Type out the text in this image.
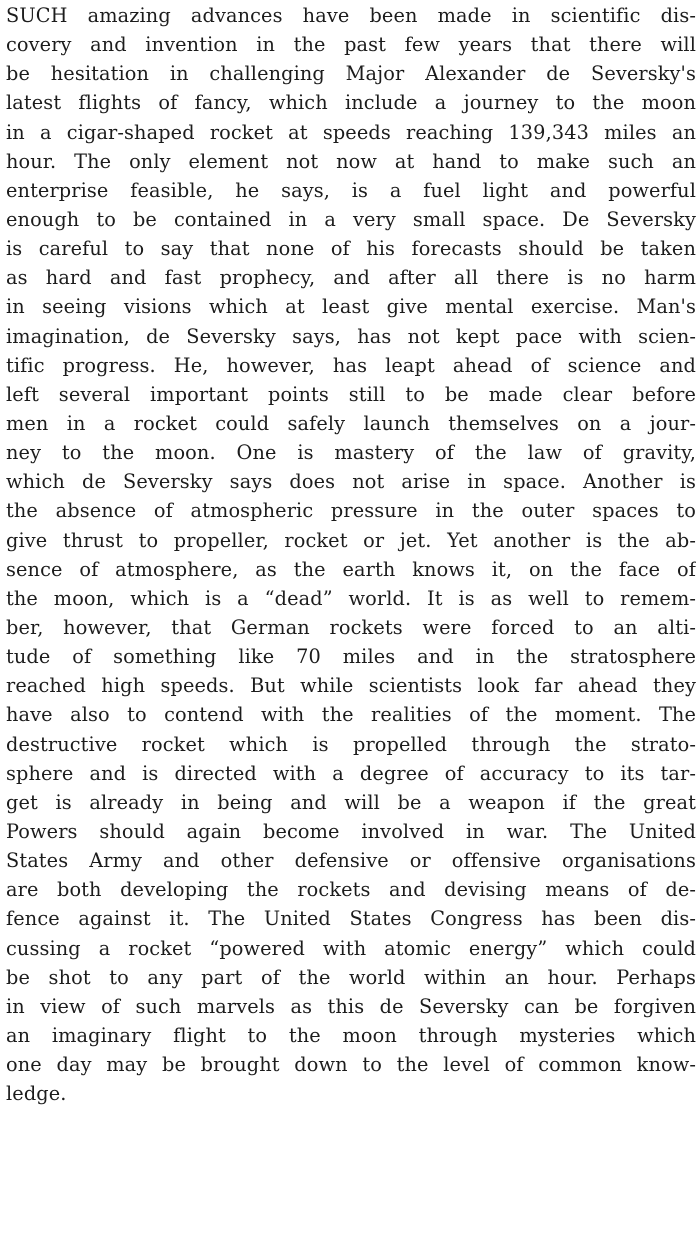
SUCH amazing advances have been made in scientific dis-
covery and invention in the past few years that there will
be hesitation in challenging Major Alexander de Seversky's
latest flights of fancy, which include a journey to the moon
in a cigar-shaped rocket at speeds reaching 139,343 miles an
hour. The only element not now at hand to make such an
enterprise feasible, he says, is a fuel light and powerful
enough to be contained in a very small space. De Seversky
is careful to say that none of his forecasts should be taken
as hard and fast prophecy, and after all there is no harm
in seeing visions which at least give mental exercise. Man's
imagination, de Seversky says, has not kept pace with scien-
tific progress. He, however, has leapt ahead of science and
left several important points still to be made clear before
men in a rocket could safely launch themselves on a jour-
ney to the moon. One is mastery of the law of gravity,
which de Seversky says does not arise in space. Another is
the absence of atmospheric pressure in the outer spaces to
give thrust to propeller, rocket or jet. Yet another is the ab-
sence of atmosphere, as the earth knows it, on the face of
the moon, which is a “dead” world. It is as well to remem-
ber, however, that German rockets were forced to an alti-
tude of something like 70 miles and in the stratosphere
reached high speeds. But while scientists look far ahead they
have also to contend with the realities of the moment. The
destructive rocket which is propelled through the strato-
sphere and is directed with a degree of accuracy to its tar-
get is already in being and will be a weapon if the great
Powers should again become involved in war. The United
States Army and other defensive or offensive organisations
are both developing the rockets and devising means of de-
fence against it. The United States Congress has been dis-
cussing a rocket “powered with atomic energy” which could
be shot to any part of the world within an hour. Perhaps
in view of such marvels as this de Seversky can be forgiven
an imaginary flight to the moon through mysteries which
one day may be brought down to the level of common know-
ledge.
